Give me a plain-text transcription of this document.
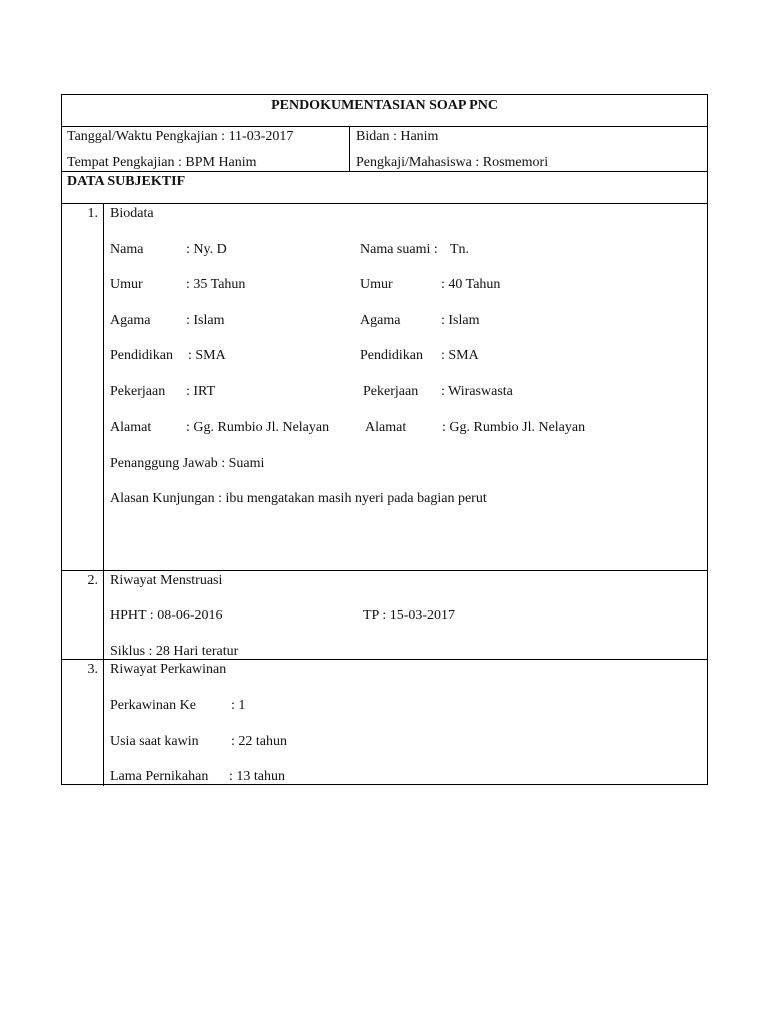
PENDOKUMENTASIAN SOAP PNC
Tanggal/Waktu Pengkajian : 11-03-2017	Bidan : Hanim
Tempat Pengkajian : BPM Hanim	Pengkaji/Mahasiswa : Rosmemori
DATA SUBJEKTIF
1. Biodata
Nama	: Ny. D	Nama suami : Tn.
Umur	: 35 Tahun	Umur	: 40 Tahun
Agama	: Islam	Agama	: Islam
Pendidikan : SMA	Pendidikan : SMA
Pekerjaan : IRT	Pekerjaan : Wiraswasta
Alamat : Gg. Rumbio Jl. Nelayan	Alamat	: Gg. Rumbio Jl. Nelayan
Penanggung Jawab : Suami
Alasan Kunjungan : ibu mengatakan masih nyeri pada bagian perut
2. Riwayat Menstruasi
HPHT : 08-06-2016	TP : 15-03-2017
Siklus : 28 Hari teratur
3. Riwayat Perkawinan
Perkawinan Ke	: 1
Usia saat kawin : 22 tahun
Lama Pernikahan : 13 tahun
